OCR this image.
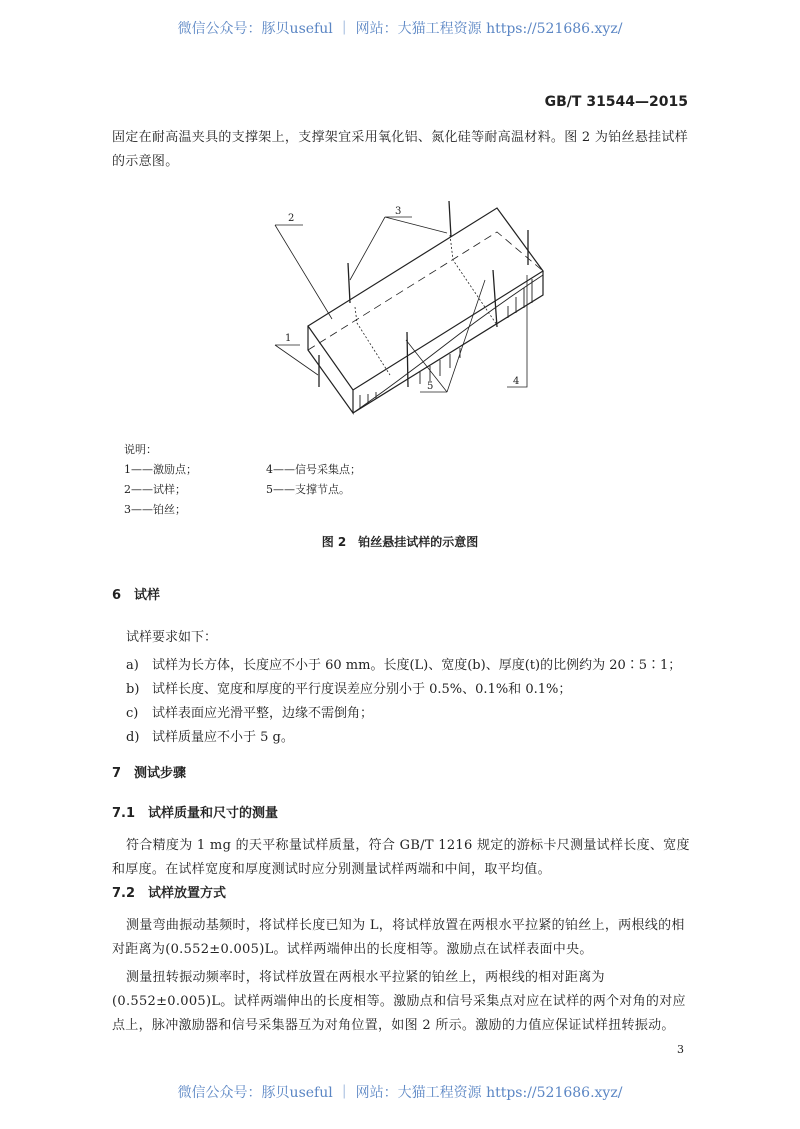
微信公众号：豚贝useful ｜ 网站：大猫工程资源 https://521686.xyz/
GB/T 31544—2015
固定在耐高温夹具的支撑架上，支撑架宜采用氧化铝、氮化硅等耐高温材料。图 2 为铂丝悬挂试样的示意图。
2
3
1
5	4
说明：
1——激励点；
2——试样；
3——铂丝；
4——信号采集点；
5——支撑节点。
图 2　铂丝悬挂试样的示意图
6　试样
试样要求如下：
a) 试样为长方体，长度应不小于 60 mm。长度(L)、宽度(b)、厚度(t)的比例约为 20∶5∶1；
b) 试样长度、宽度和厚度的平行度误差应分别小于 0.5%、0.1%和 0.1%；
c) 试样表面应光滑平整，边缘不需倒角；
d) 试样质量应不小于 5 g。
7　测试步骤
7.1　试样质量和尺寸的测量
符合精度为 1 mg 的天平称量试样质量，符合 GB/T 1216 规定的游标卡尺测量试样长度、宽度和厚度。在试样宽度和厚度测试时应分别测量试样两端和中间，取平均值。
7.2　试样放置方式
测量弯曲振动基频时，将试样长度已知为 L，将试样放置在两根水平拉紧的铂丝上，两根线的相对距离为(0.552±0.005)L。试样两端伸出的长度相等。激励点在试样表面中央。
测量扭转振动频率时，将试样放置在两根水平拉紧的铂丝上，两根线的相对距离为(0.552±0.005)L。试样两端伸出的长度相等。激励点和信号采集点对应在试样的两个对角的对应点上，脉冲激励器和信号采集器互为对角位置，如图 2 所示。激励的力值应保证试样扭转振动。
3
微信公众号：豚贝useful ｜ 网站：大猫工程资源 https://521686.xyz/
